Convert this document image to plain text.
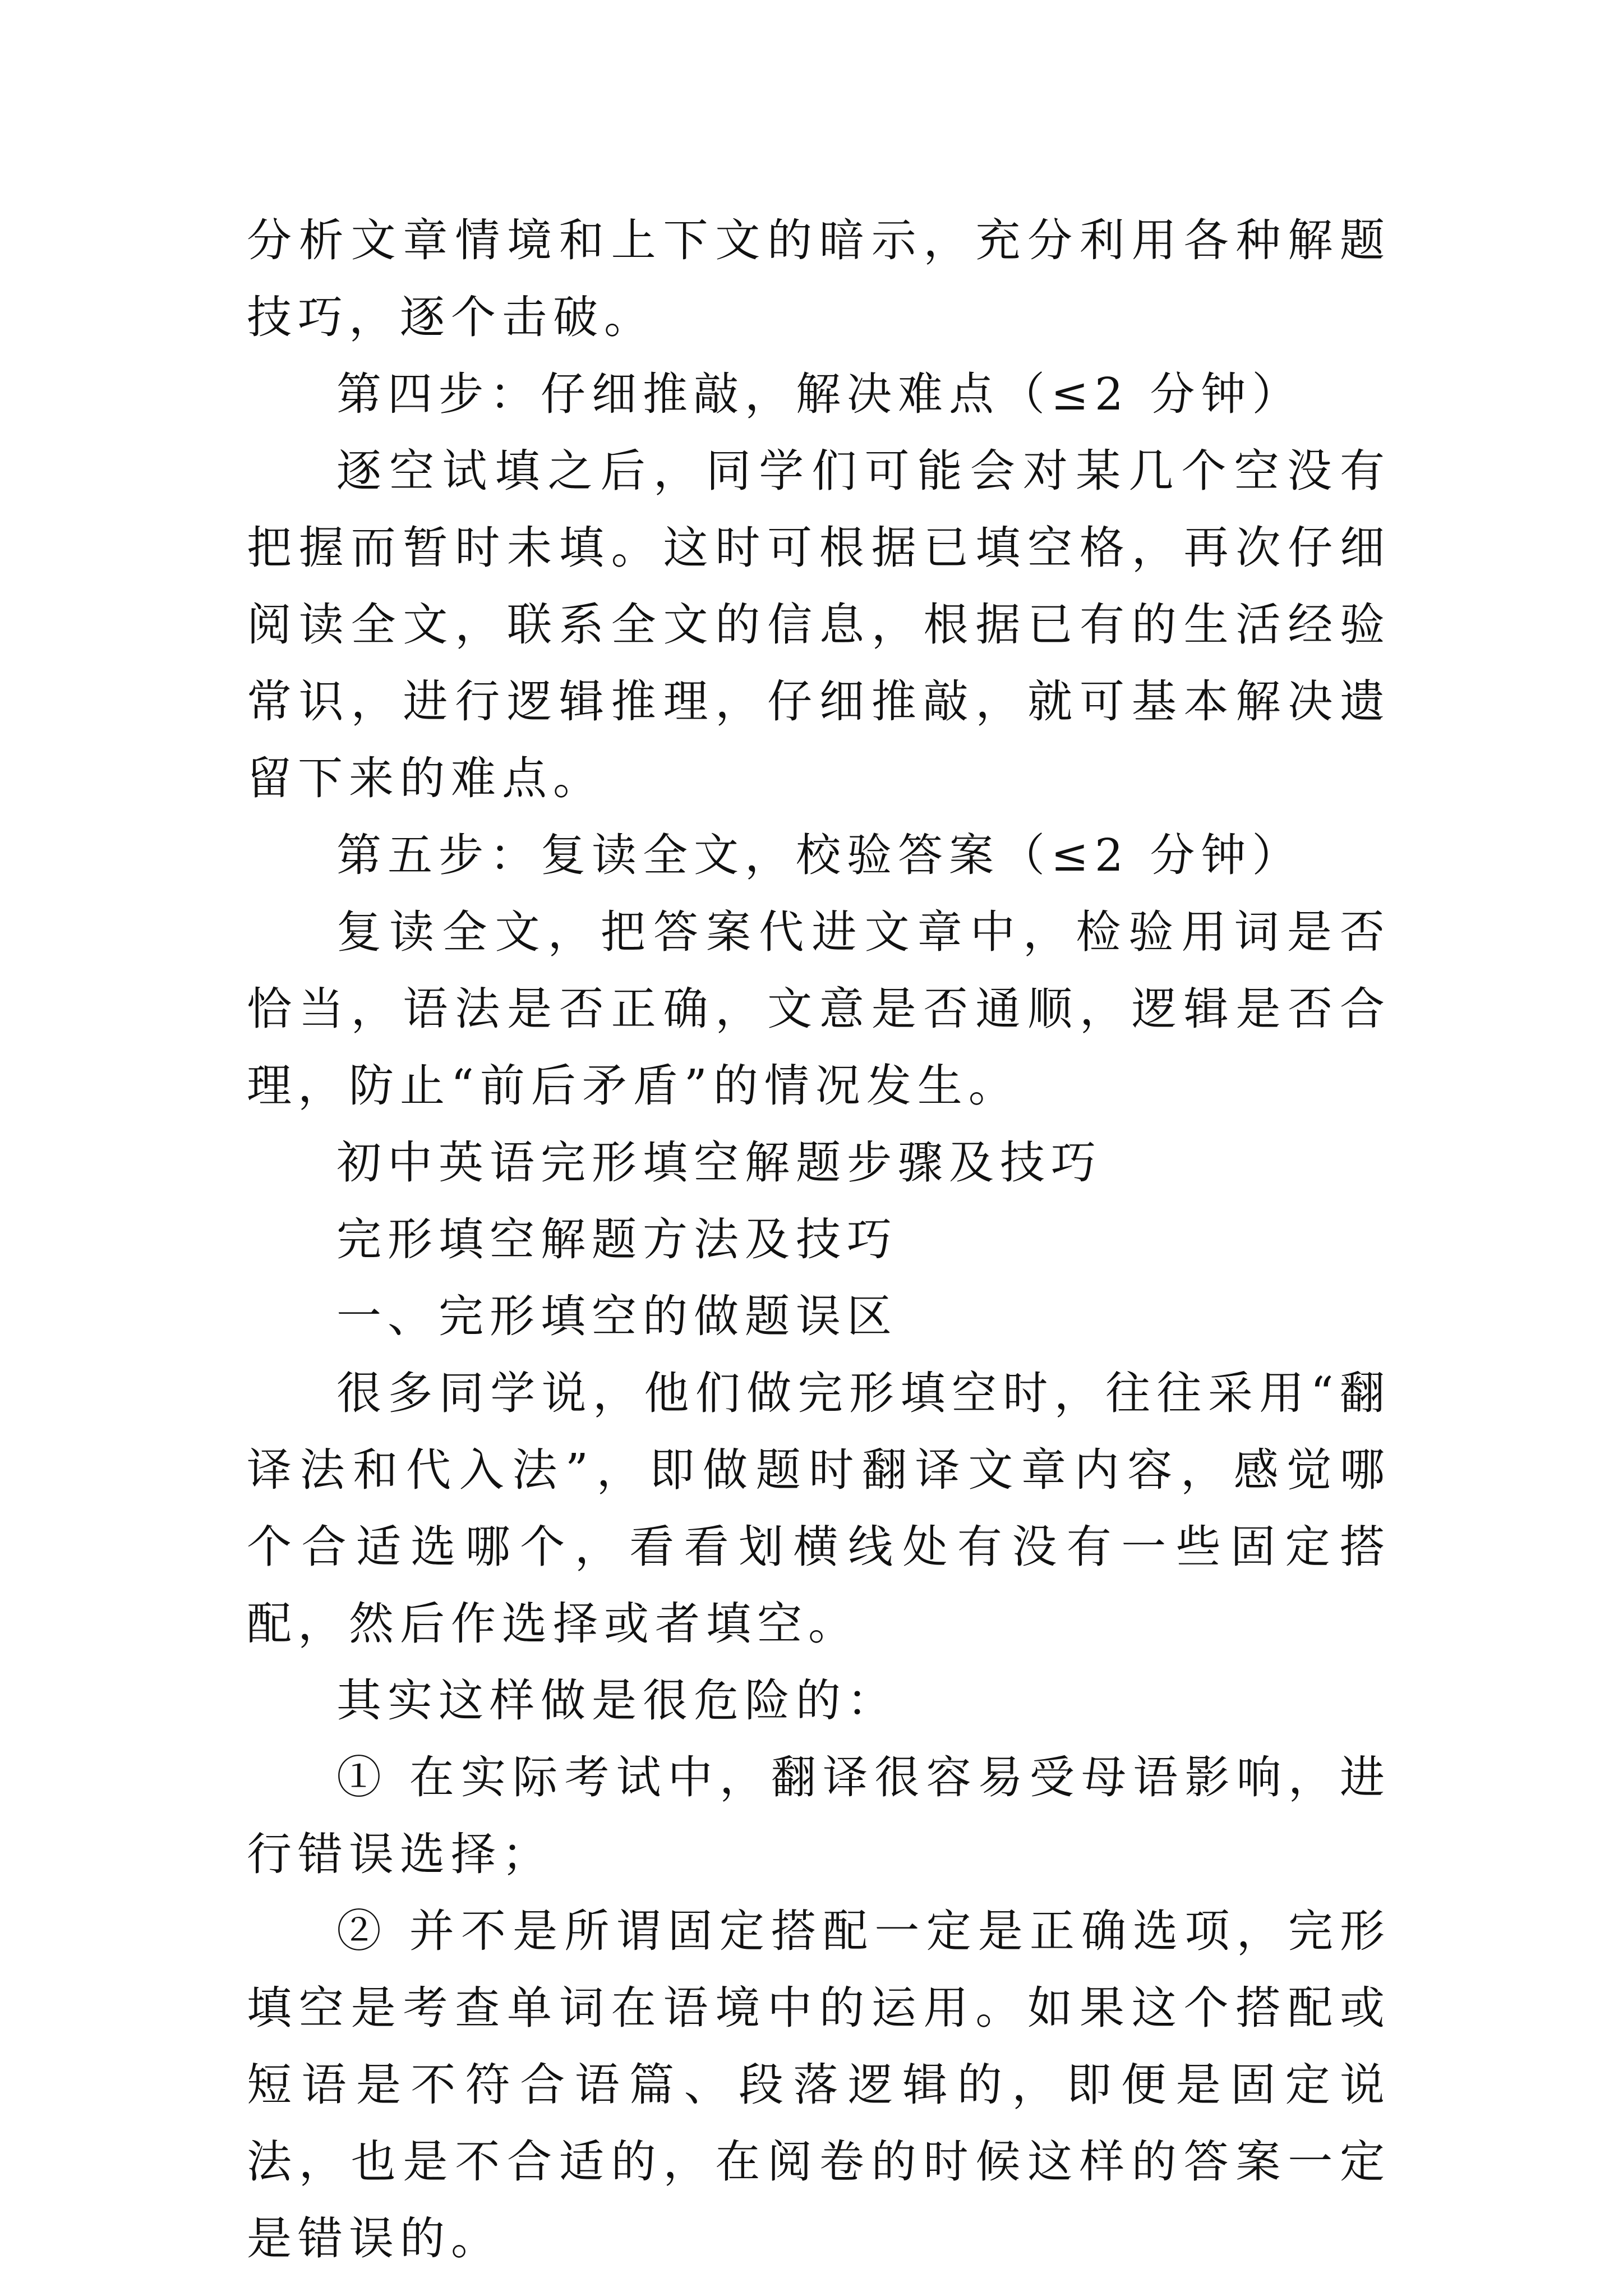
分析文章情境和上下文的暗示，充分利用各种解题技巧，逐个击破。

第四步：仔细推敲，解决难点（≤2 分钟）

逐空试填之后，同学们可能会对某几个空没有把握而暂时未填。这时可根据已填空格，再次仔细阅读全文，联系全文的信息，根据已有的生活经验常识，进行逻辑推理，仔细推敲，就可基本解决遗留下来的难点。

第五步：复读全文，校验答案（≤2 分钟）

复读全文，把答案代进文章中，检验用词是否恰当，语法是否正确，文意是否通顺，逻辑是否合理，防止“前后矛盾”的情况发生。

初中英语完形填空解题步骤及技巧

完形填空解题方法及技巧

一、完形填空的做题误区

很多同学说，他们做完形填空时，往往采用“翻译法和代入法”，即做题时翻译文章内容，感觉哪个合适选哪个，看看划横线处有没有一些固定搭配，然后作选择或者填空。

其实这样做是很危险的：

① 在实际考试中，翻译很容易受母语影响，进行错误选择；

② 并不是所谓固定搭配一定是正确选项，完形填空是考查单词在语境中的运用。如果这个搭配或短语是不符合语篇、段落逻辑的，即便是固定说法，也是不合适的，在阅卷的时候这样的答案一定是错误的。
